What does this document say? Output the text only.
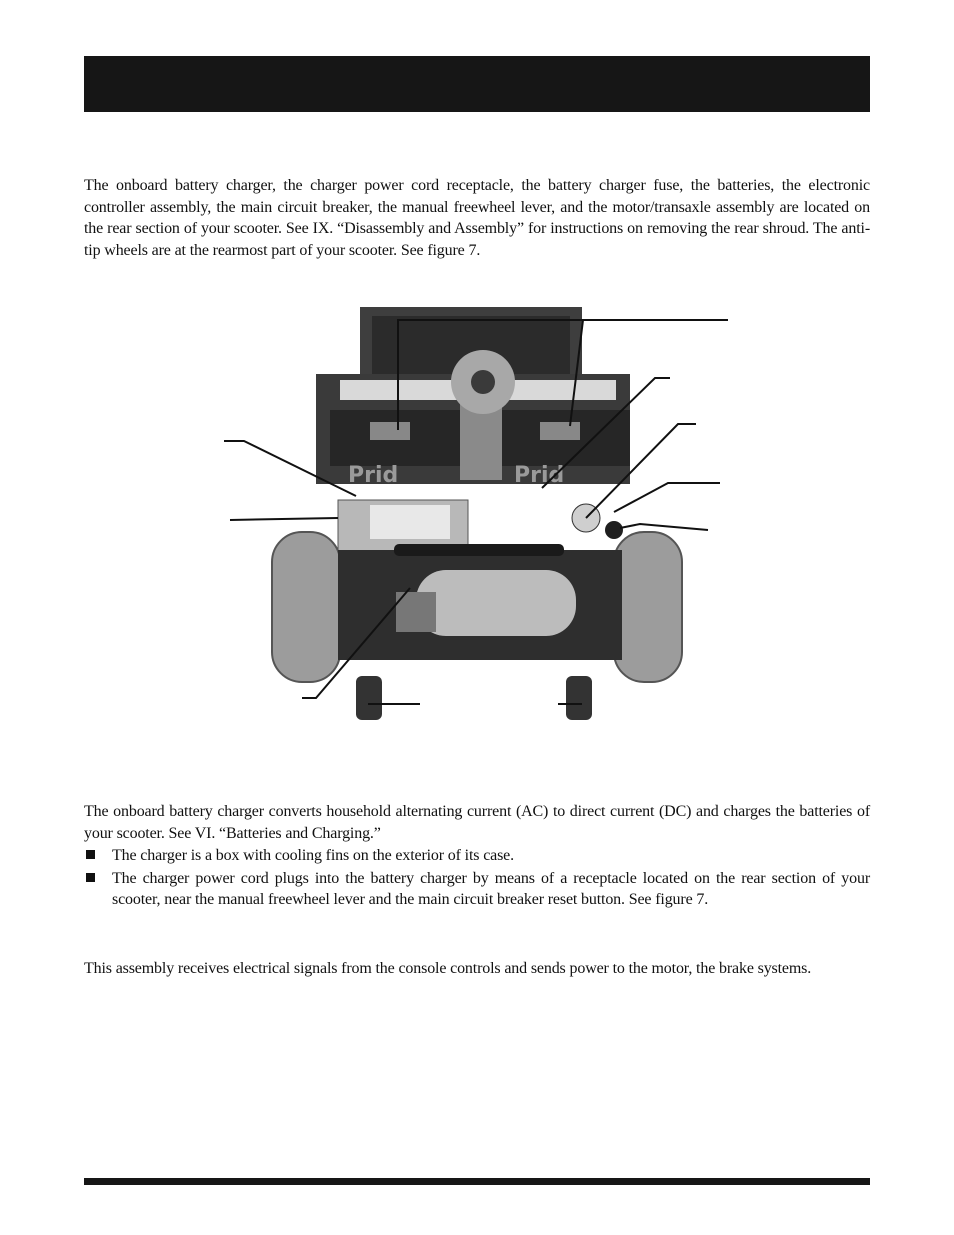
The onboard battery charger, the charger power cord receptacle, the battery charger fuse, the batteries, the electronic controller assembly, the main circuit breaker, the manual freewheel lever, and the motor/transaxle assembly are located on the rear section of your scooter. See IX. “Disassembly and Assembly” for instructions on removing the rear shroud. The anti-tip wheels are at the rearmost part of your scooter. See figure 7.

Prid	Prid

The onboard battery charger converts household alternating current (AC) to direct current (DC) and charges the batteries of your scooter. See VI. “Batteries and Charging.”

The charger is a box with cooling fins on the exterior of its case.
The charger power cord plugs into the battery charger by means of a receptacle located on the rear section of your scooter, near the manual freewheel lever and the main circuit breaker reset button. See figure 7.

This assembly receives electrical signals from the console controls and sends power to the motor, the brake systems.
